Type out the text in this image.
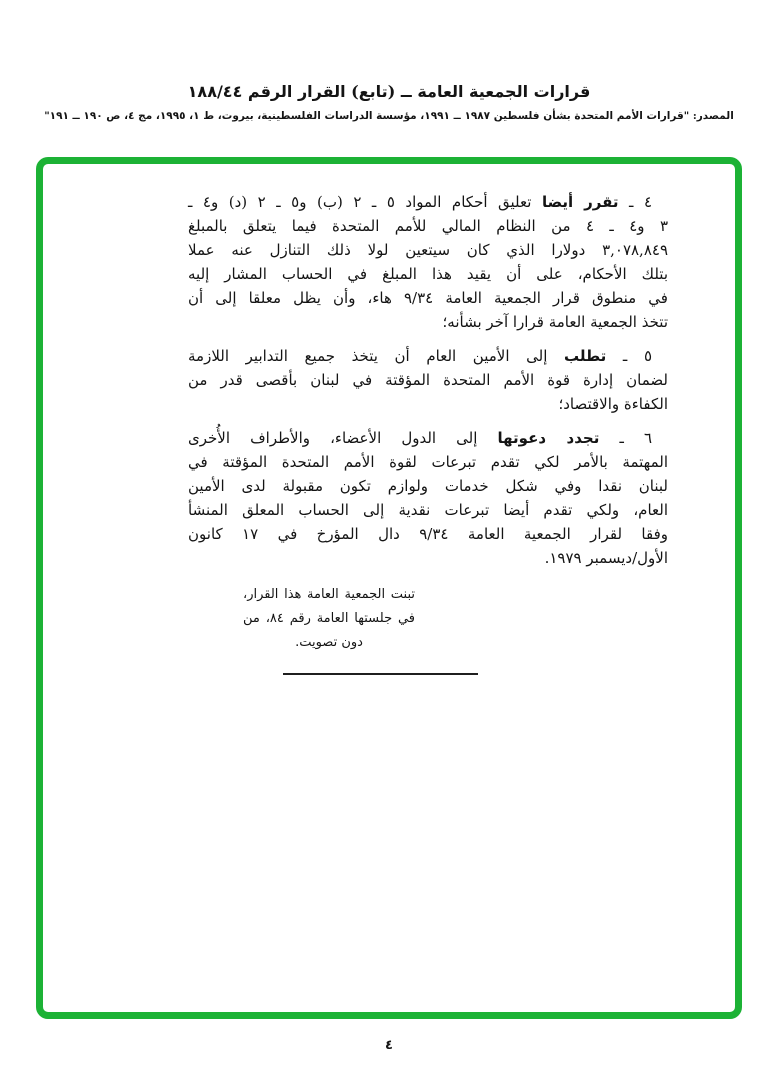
قرارات الجمعية العامة ــ (تابع) القرار الرقم ١٨٨/٤٤
المصدر: "قرارات الأمم المتحدة بشأن فلسطين ١٩٨٧ ــ ١٩٩١، مؤسسة الدراسات الفلسطينية، بيروت، ط ١، ١٩٩٥، مج ٤، ص ١٩٠ ــ ١٩١"
٤ ـ تقرر أيضا تعليق أحكام المواد ٥ ـ ٢ (ب) و٥ ـ ٢ (د) و٤ ـ
٣ و٤ ـ ٤ من النظام المالي للأمم المتحدة فيما يتعلق بالمبلغ
٣,٠٧٨,٨٤٩ دولارا الذي كان سيتعين لولا ذلك التنازل عنه عملا
بتلك الأحكام، على أن يقيد هذا المبلغ في الحساب المشار إليه
في منطوق قرار الجمعية العامة ٩/٣٤ هاء، وأن يظل معلقا إلى أن
تتخذ الجمعية العامة قرارا آخر بشأنه؛
٥ ـ تطلب إلى الأمين العام أن يتخذ جميع التدابير اللازمة
لضمان إدارة قوة الأمم المتحدة المؤقتة في لبنان بأقصى قدر من
الكفاءة والاقتصاد؛
٦ ـ تجدد دعوتها إلى الدول الأعضاء، والأطراف الأُخرى
المهتمة بالأمر لكي تقدم تبرعات لقوة الأمم المتحدة المؤقتة في
لبنان نقدا وفي شكل خدمات ولوازم تكون مقبولة لدى الأمين
العام، ولكي تقدم أيضا تبرعات نقدية إلى الحساب المعلق المنشأ
وفقا لقرار الجمعية العامة ٩/٣٤ دال المؤرخ في ١٧ كانون
الأول/ديسمبر ١٩٧٩.
تبنت الجمعية العامة هذا القرار،
في جلستها العامة رقم ٨٤، من
دون تصويت.
٤
